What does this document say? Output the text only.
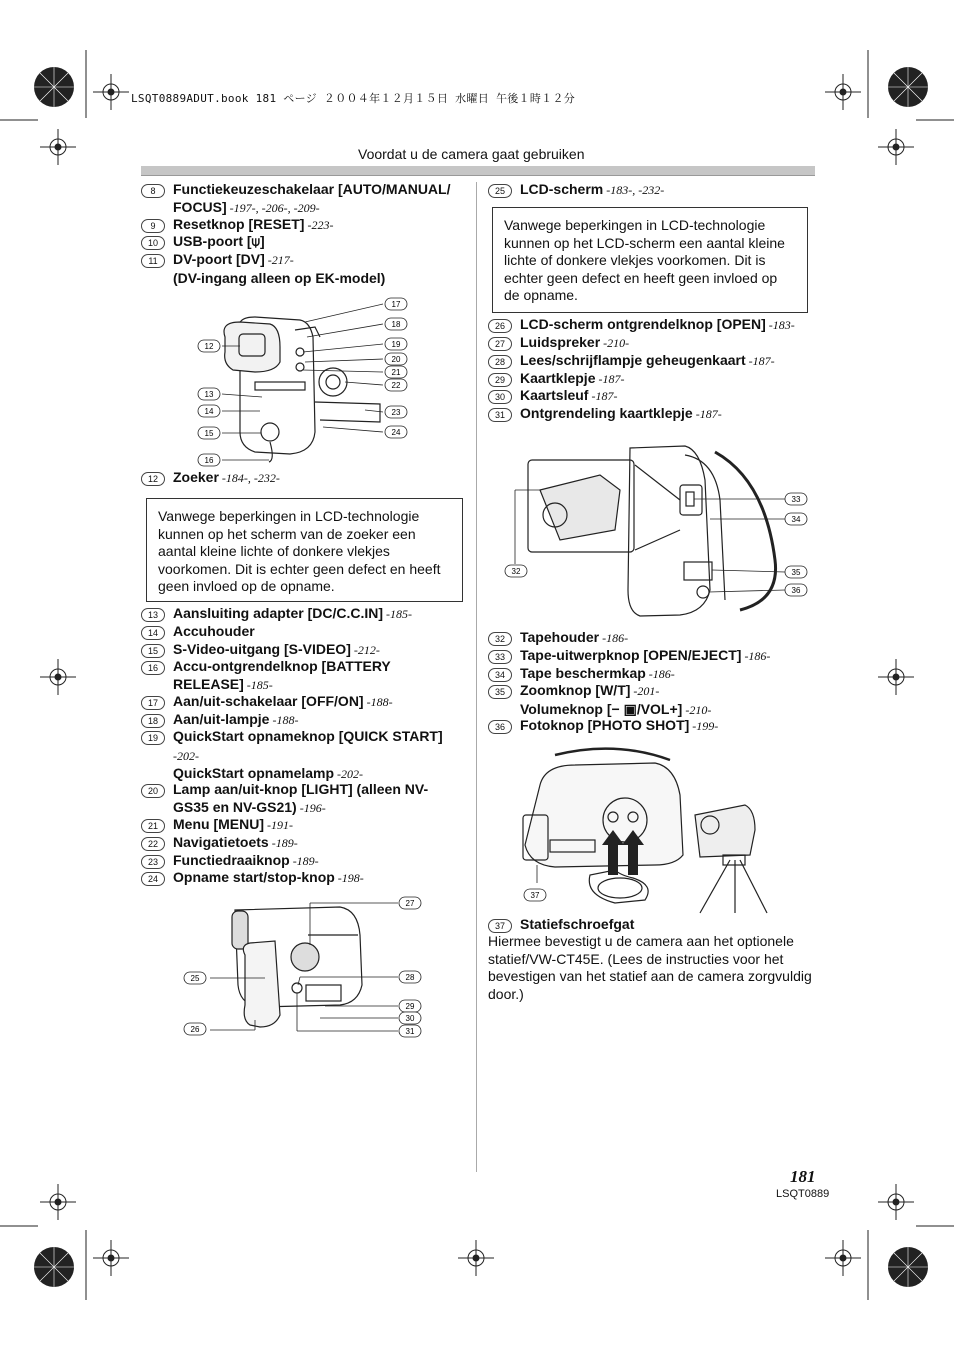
LSQT0889ADUT.book 181 ページ ２００４年１２月１５日 水曜日 午後１時１２分
Voordat u de camera gaat gebruiken
8	Functiekeuzeschakelaar [AUTO/MANUAL/ FOCUS] -197-, -206-, -209-
9	Resetknop [RESET] -223-
10	USB-poort [⍦]
11	DV-poort [DV] -217-
(DV-ingang alleen op EK-model)
12
13
14
15
16
17
18
19
20
21
22
23
24
12	Zoeker -184-, -232-
Vanwege beperkingen in LCD-technologie kunnen op het scherm van de zoeker een aantal kleine lichte of donkere vlekjes voorkomen. Dit is echter geen defect en heeft geen invloed op de opname.
13	Aansluiting adapter [DC/C.C.IN] -185-
14	Accuhouder
15	S-Video-uitgang [S-VIDEO] -212-
16	Accu-ontgrendelknop [BATTERY RELEASE] -185-
17	Aan/uit-schakelaar [OFF/ON] -188-
18	Aan/uit-lampje -188-
19	QuickStart opnameknop [QUICK START] -202-
QuickStart opnamelamp -202-
20	Lamp aan/uit-knop [LIGHT] (alleen NV-GS35 en NV-GS21) -196-
21	Menu [MENU] -191-
22	Navigatietoets -189-
23	Functiedraaiknop -189-
24	Opname start/stop-knop -198-
25
26
27
28
29
30
31
25	LCD-scherm -183-, -232-
Vanwege beperkingen in LCD-technologie kunnen op het LCD-scherm een aantal kleine lichte of donkere vlekjes voorkomen. Dit is echter geen defect en heeft geen invloed op de opname.
26	LCD-scherm ontgrendelknop [OPEN] -183-
27	Luidspreker -210-
28	Lees/schrijflampje geheugenkaart -187-
29	Kaartklepje -187-
30	Kaartsleuf -187-
31	Ontgrendeling kaartklepje -187-
32
33
34
35
36
32	Tapehouder -186-
33	Tape-uitwerpknop [OPEN/EJECT] -186-
34	Tape beschermkap -186-
35	Zoomknop [W/T] -201-
Volumeknop [− ▣/VOL+] -210-
36	Fotoknop [PHOTO SHOT] -199-
37
37	Statiefschroefgat
Hiermee bevestigt u de camera aan het optionele statief/VW-CT45E. (Lees de instructies voor het bevestigen van het statief aan de camera zorgvuldig door.)
181
LSQT0889
